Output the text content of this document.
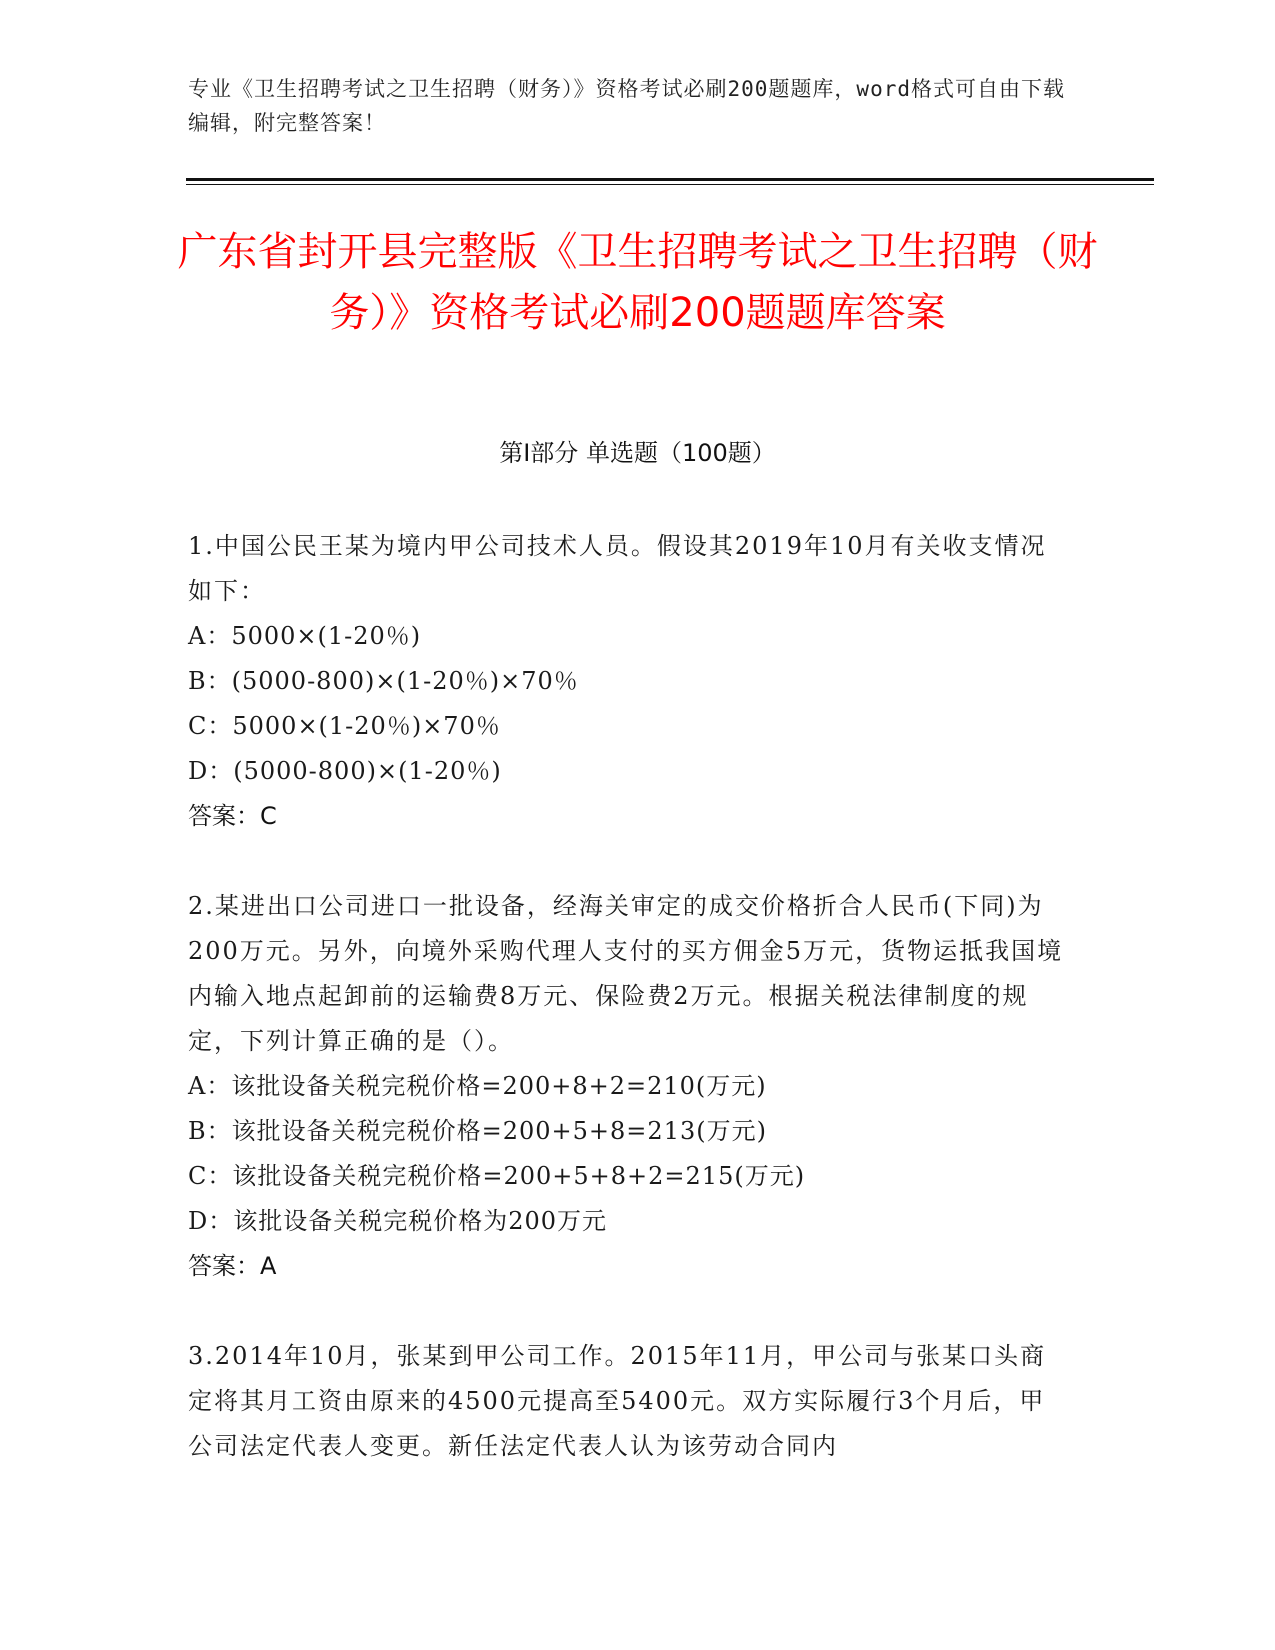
专业《卫生招聘考试之卫生招聘（财务）》资格考试必刷200题题库，word格式可自由下载编辑，附完整答案！
广东省封开县完整版《卫生招聘考试之卫生招聘（财务）》资格考试必刷200题题库答案
第Ⅰ部分 单选题（100题）
1.中国公民王某为境内甲公司技术人员。假设其2019年10月有关收支情况如下：
A：5000×(1-20％)
B：(5000-800)×(1-20％)×70％
C：5000×(1-20％)×70％
D：(5000-800)×(1-20％)
答案：C
2.某进出口公司进口一批设备，经海关审定的成交价格折合人民币(下同)为200万元。另外，向境外采购代理人支付的买方佣金5万元，货物运抵我国境内输入地点起卸前的运输费8万元、保险费2万元。根据关税法律制度的规定，下列计算正确的是（）。
A：该批设备关税完税价格=200+8+2=210(万元)
B：该批设备关税完税价格=200+5+8=213(万元)
C：该批设备关税完税价格=200+5+8+2=215(万元)
D：该批设备关税完税价格为200万元
答案：A
3.2014年10月，张某到甲公司工作。2015年11月，甲公司与张某口头商定将其月工资由原来的4500元提高至5400元。双方实际履行3个月后，甲公司法定代表人变更。新任法定代表人认为该劳动合同内
